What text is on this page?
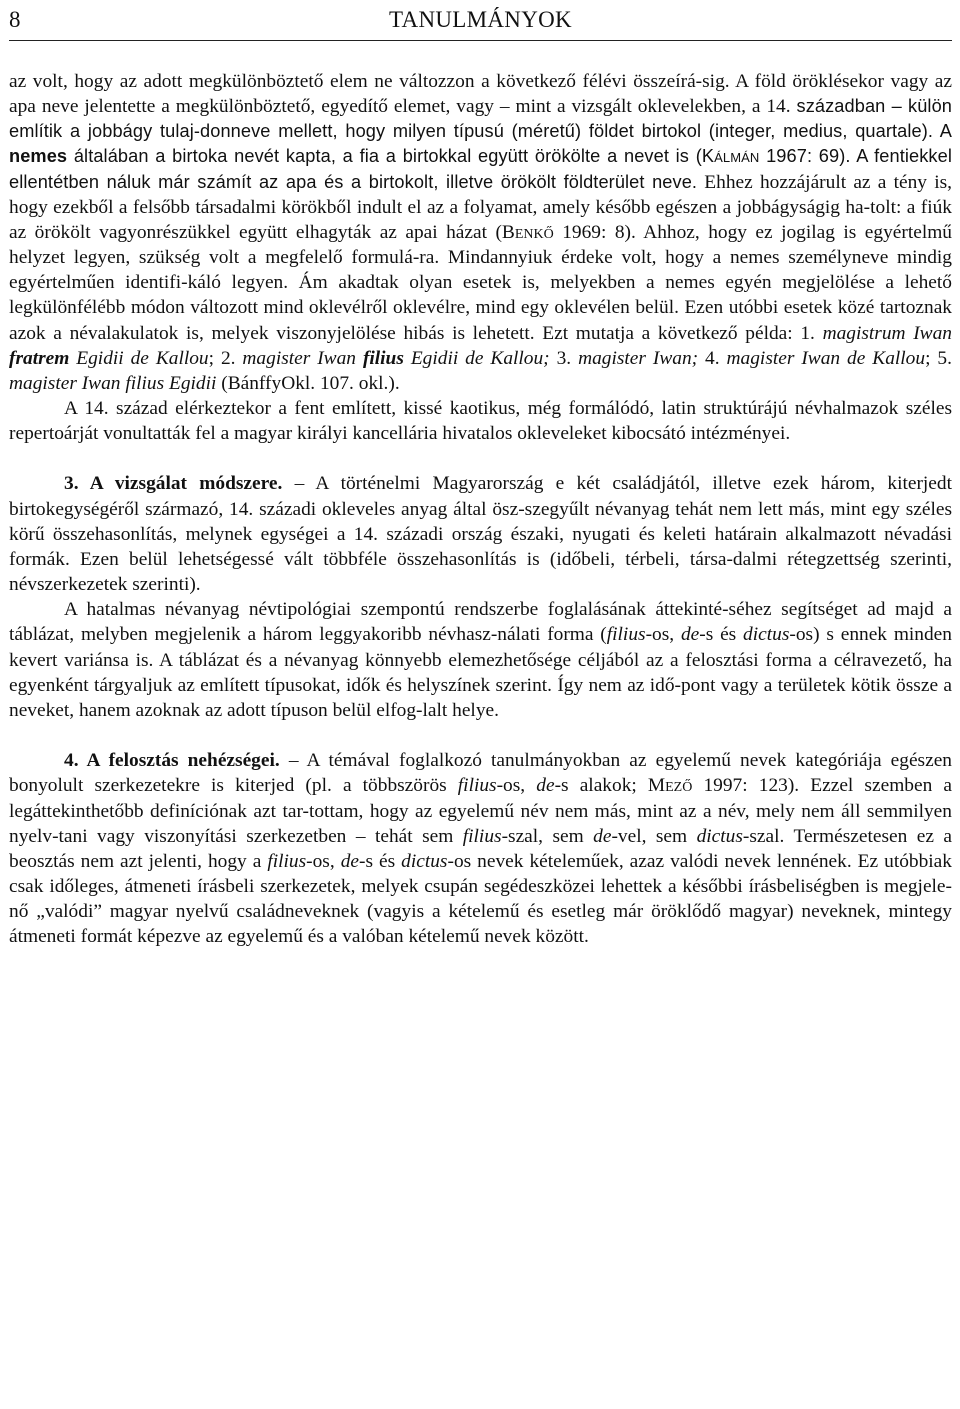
8	TANULMÁNYOK

az volt, hogy az adott megkülönböztető elem ne változzon a következő félévi összeírá-sig. A föld öröklésekor vagy az apa neve jelentette a megkülönböztető, egyedítő elemet, vagy – mint a vizsgált oklevelekben, a 14. században – külön említik a jobbágy tulaj-donneve mellett, hogy milyen típusú (méretű) földet birtokol (integer, medius, quartale). A nemes általában a birtoka nevét kapta, a fia a birtokkal együtt örökölte a nevet is (Kálmán 1967: 69). A fentiekkel ellentétben náluk már számít az apa és a birtokolt, illetve örökölt földterület neve. Ehhez hozzájárult az a tény is, hogy ezekből a felsőbb társadalmi körökből indult el az a folyamat, amely később egészen a jobbágyságig ha-tolt: a fiúk az örökölt vagyonrészükkel együtt elhagyták az apai házat (Benkő 1969: 8). Ahhoz, hogy ez jogilag is egyértelmű helyzet legyen, szükség volt a megfelelő formulá-ra. Mindannyiuk érdeke volt, hogy a nemes személyneve mindig egyértelműen identifi-káló legyen. Ám akadtak olyan esetek is, melyekben a nemes egyén megjelölése a lehető legkülönfélébb módon változott mind oklevélről oklevélre, mind egy oklevélen belül. Ezen utóbbi esetek közé tartoznak azok a névalakulatok is, melyek viszonyjelölése hibás is lehetett. Ezt mutatja a következő példa: 1. magistrum Iwan fratrem Egidii de Kallou; 2. magister Iwan filius Egidii de Kallou; 3. magister Iwan; 4. magister Iwan de Kallou; 5. magister Iwan filius Egidii (BánffyOkl. 107. okl.).

A 14. század elérkeztekor a fent említett, kissé kaotikus, még formálódó, latin struktúrájú névhalmazok széles repertoárját vonultatták fel a magyar királyi kancellária hivatalos okleveleket kibocsátó intézményei.

3. A vizsgálat módszere. – A történelmi Magyarország e két családjától, illetve ezek három, kiterjedt birtokegységéről származó, 14. századi okleveles anyag által ösz-szegyűlt névanyag tehát nem lett más, mint egy széles körű összehasonlítás, melynek egységei a 14. századi ország északi, nyugati és keleti határain alkalmazott névadási formák. Ezen belül lehetségessé vált többféle összehasonlítás is (időbeli, térbeli, társa-dalmi rétegzettség szerinti, névszerkezetek szerinti).

A hatalmas névanyag névtipológiai szempontú rendszerbe foglalásának áttekinté-séhez segítséget ad majd a táblázat, melyben megjelenik a három leggyakoribb névhasz-nálati forma (filius-os, de-s és dictus-os) s ennek minden kevert variánsa is. A táblázat és a névanyag könnyebb elemezhetősége céljából az a felosztási forma a célravezető, ha egyenként tárgyaljuk az említett típusokat, idők és helyszínek szerint. Így nem az idő-pont vagy a területek kötik össze a neveket, hanem azoknak az adott típuson belül elfog-lalt helye.

4. A felosztás nehézségei. – A témával foglalkozó tanulmányokban az egyelemű nevek kategóriája egészen bonyolult szerkezetekre is kiterjed (pl. a többszörös filius-os, de-s alakok; Mező 1997: 123). Ezzel szemben a legáttekinthetőbb definíciónak azt tar-tottam, hogy az egyelemű név nem más, mint az a név, mely nem áll semmilyen nyelv-tani vagy viszonyítási szerkezetben – tehát sem filius-szal, sem de-vel, sem dictus-szal. Természetesen ez a beosztás nem azt jelenti, hogy a filius-os, de-s és dictus-os nevek kételeműek, azaz valódi nevek lennének. Ez utóbbiak csak időleges, átmeneti írásbeli szerkezetek, melyek csupán segédeszközei lehettek a későbbi írásbeliségben is megjele-nő „valódi” magyar nyelvű családneveknek (vagyis a kételemű és esetleg már öröklődő magyar) neveknek, mintegy átmeneti formát képezve az egyelemű és a valóban kételemű nevek között.
